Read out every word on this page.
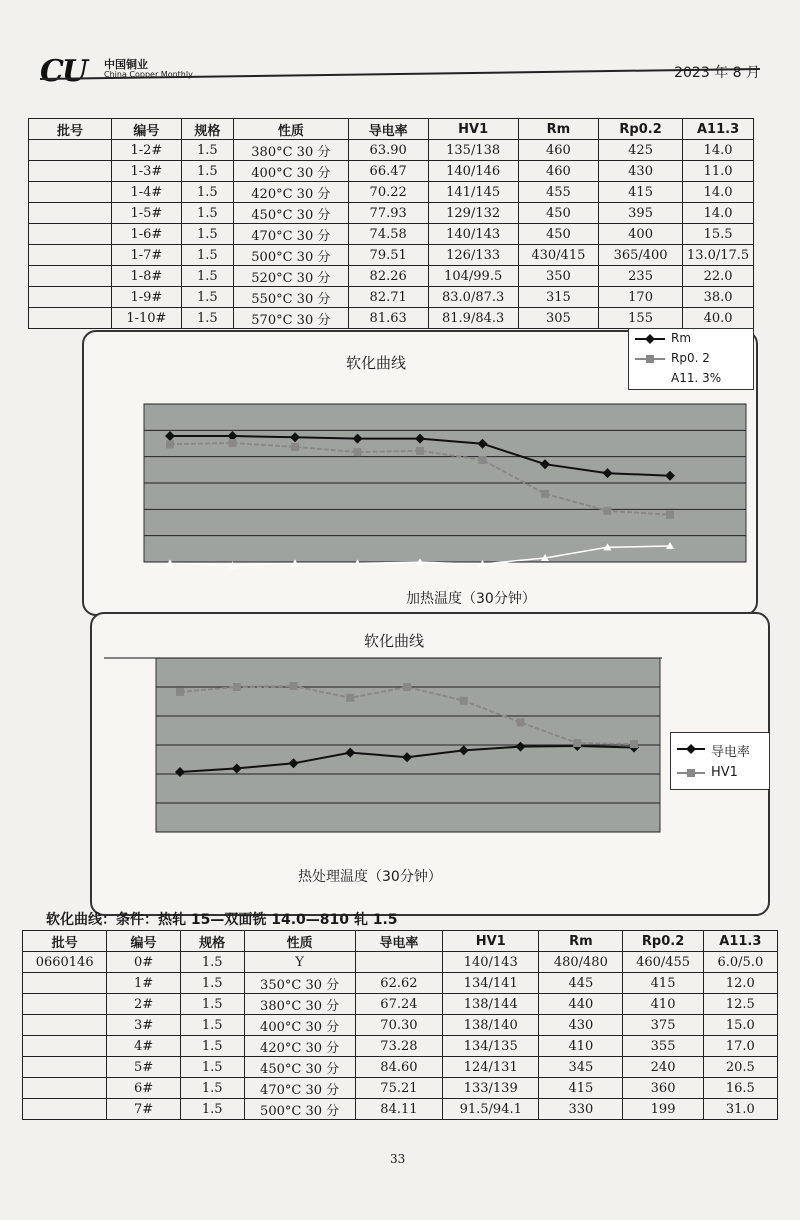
CU 中国铜业
China Copper Monthly	2023 年 8 月
批号	编号	规格	性质	导电率	HV1	Rm	Rp0.2	A11.3
	1-2#	1.5	380°C 30 分	63.90	135/138	460	425	14.0
	1-3#	1.5	400°C 30 分	66.47	140/146	460	430	11.0
	1-4#	1.5	420°C 30 分	70.22	141/145	455	415	14.0
	1-5#	1.5	450°C 30 分	77.93	129/132	450	395	14.0
	1-6#	1.5	470°C 30 分	74.58	140/143	450	400	15.5
	1-7#	1.5	500°C 30 分	79.51	126/133	430/415	365/400	13.0/17.5
	1-8#	1.5	520°C 30 分	82.26	104/99.5	350	235	22.0
	1-9#	1.5	550°C 30 分	82.71	83.0/87.3	315	170	38.0
	1-10#	1.5	570°C 30 分	81.63	81.9/84.3	305	155	40.0
软化曲线
加热温度（30分钟）
Rm
Rp0. 2
A11. 3%
软化曲线
热处理温度（30分钟）
导电率
HV1
软化曲线：条件：热轧 15—双面铣 14.0—810 轧 1.5
批号	编号	规格	性质	导电率	HV1	Rm	Rp0.2	A11.3
0660146	0#	1.5	Y		140/143	480/480	460/455	6.0/5.0
	1#	1.5	350°C 30 分	62.62	134/141	445	415	12.0
	2#	1.5	380°C 30 分	67.24	138/144	440	410	12.5
	3#	1.5	400°C 30 分	70.30	138/140	430	375	15.0
	4#	1.5	420°C 30 分	73.28	134/135	410	355	17.0
	5#	1.5	450°C 30 分	84.60	124/131	345	240	20.5
	6#	1.5	470°C 30 分	75.21	133/139	415	360	16.5
	7#	1.5	500°C 30 分	84.11	91.5/94.1	330	199	31.0
33
